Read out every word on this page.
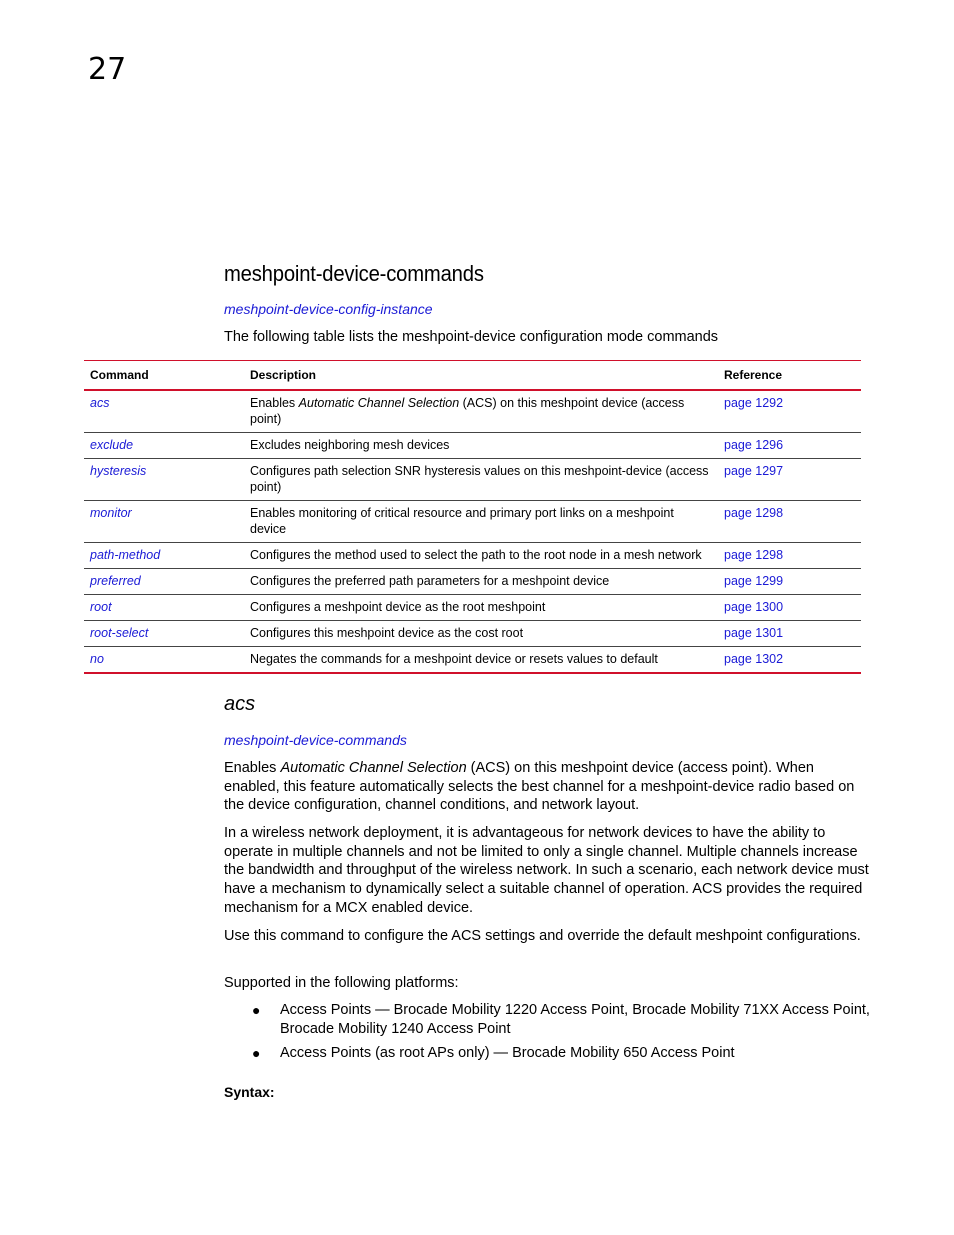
27
meshpoint-device-commands
meshpoint-device-config-instance
The following table lists the meshpoint-device configuration mode commands
Command	Description	Reference
acs	Enables Automatic Channel Selection (ACS) on this meshpoint device (access point)	page 1292
exclude	Excludes neighboring mesh devices	page 1296
hysteresis	Configures path selection SNR hysteresis values on this meshpoint-device (access point)	page 1297
monitor	Enables monitoring of critical resource and primary port links on a meshpoint device	page 1298
path-method	Configures the method used to select the path to the root node in a mesh network	page 1298
preferred	Configures the preferred path parameters for a meshpoint device	page 1299
root	Configures a meshpoint device as the root meshpoint	page 1300
root-select	Configures this meshpoint device as the cost root	page 1301
no	Negates the commands for a meshpoint device or resets values to default	page 1302
acs
meshpoint-device-commands
Enables Automatic Channel Selection (ACS) on this meshpoint device (access point). When enabled, this feature automatically selects the best channel for a meshpoint-device radio based on the device configuration, channel conditions, and network layout.
In a wireless network deployment, it is advantageous for network devices to have the ability to operate in multiple channels and not be limited to only a single channel. Multiple channels increase the bandwidth and throughput of the wireless network. In such a scenario, each network device must have a mechanism to dynamically select a suitable channel of operation. ACS provides the required mechanism for a MCX enabled device.
Use this command to configure the ACS settings and override the default meshpoint configurations.
Supported in the following platforms:
● Access Points — Brocade Mobility 1220 Access Point, Brocade Mobility 71XX Access Point, Brocade Mobility 1240 Access Point
● Access Points (as root APs only) — Brocade Mobility 650 Access Point
Syntax:
